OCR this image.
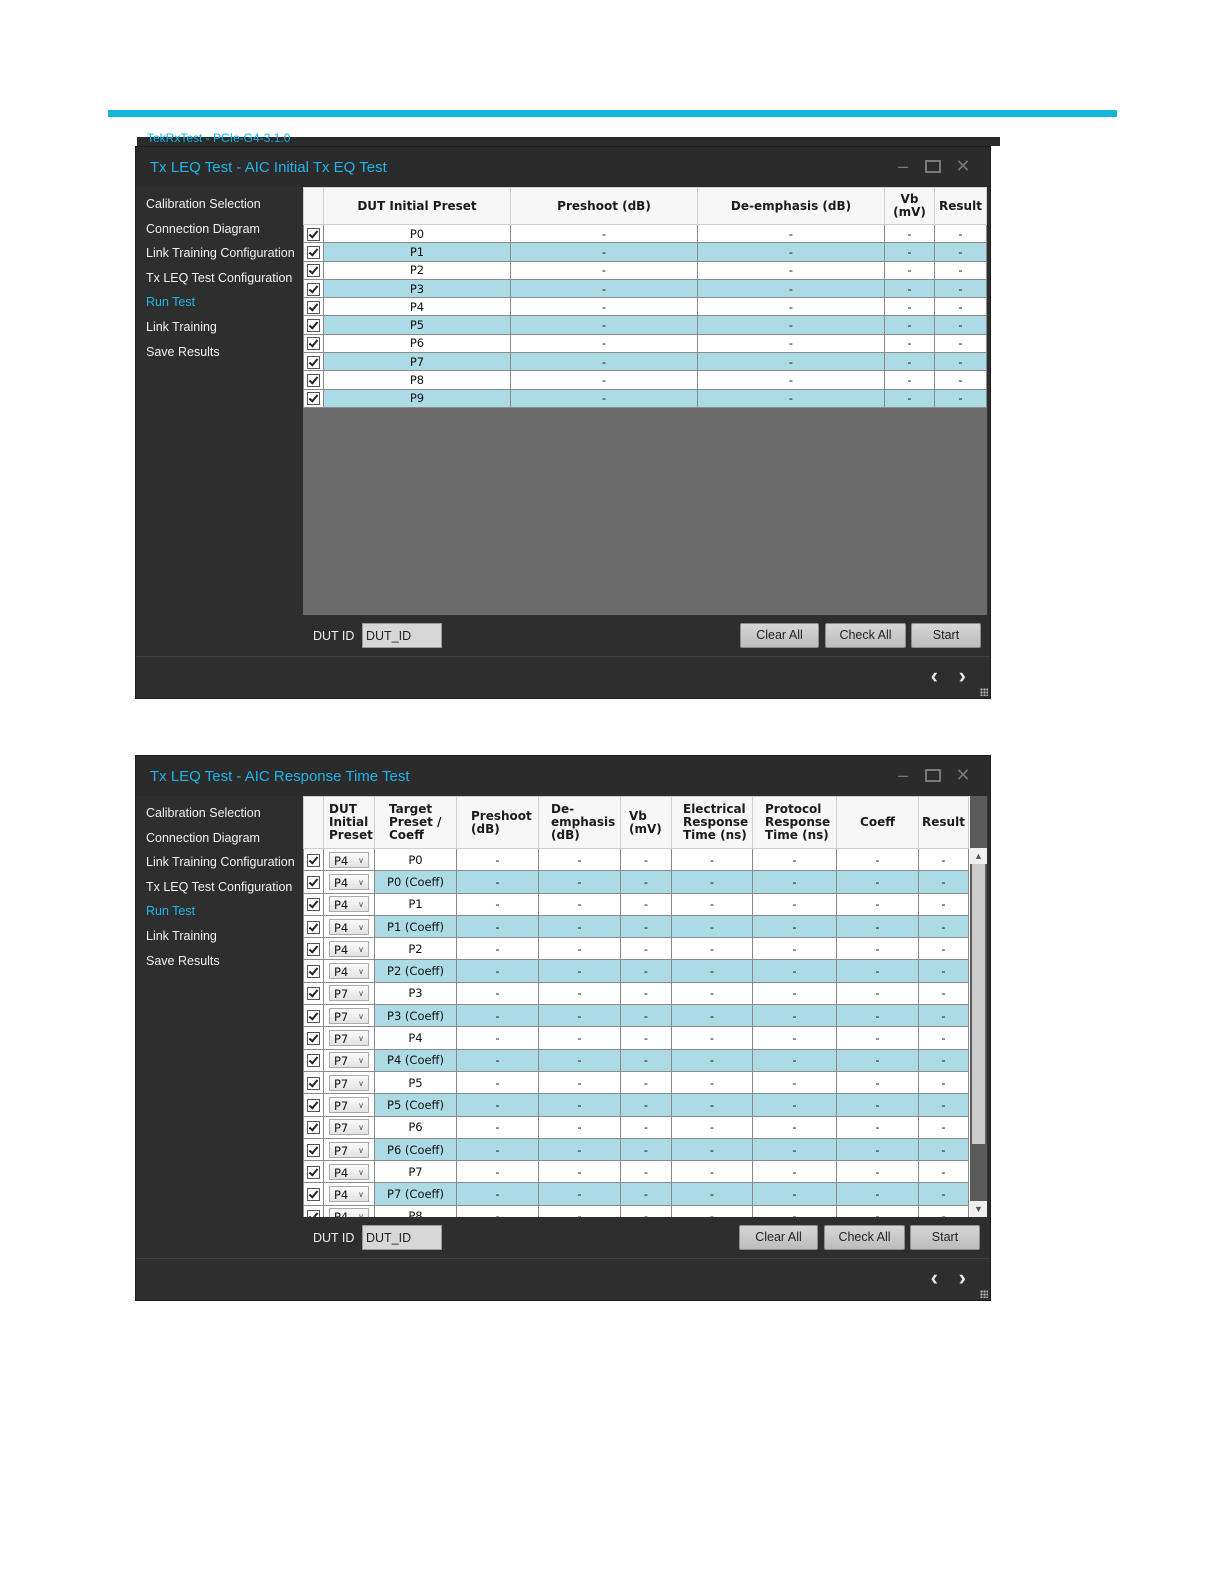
TekRxTest - PCIe-G4-3.1.0
Tx LEQ Test - AIC Initial Tx EQ Test	–	✕
Calibration Selection
Connection Diagram
Link Training Configuration
Tx LEQ Test Configuration
Run Test
Link Training
Save Results
	DUT Initial Preset	Preshoot (dB)	De-emphasis (dB)	Vb (mV)	Result
	P0	-	-	-	-
	P1	-	-	-	-
	P2	-	-	-	-
	P3	-	-	-	-
	P4	-	-	-	-
	P5	-	-	-	-
	P6	-	-	-	-
	P7	-	-	-	-
	P8	-	-	-	-
	P9	-	-	-	-
DUT ID DUT_ID	Clear All	Check All	Start
‹ ›
Tx LEQ Test - AIC Response Time Test	–	✕
Calibration Selection
Connection Diagram
Link Training Configuration
Tx LEQ Test Configuration
Run Test
Link Training
Save Results
	DUT Initial Preset	Target Preset / Coeff	Preshoot (dB)	De-emphasis (dB)	Vb (mV)	Electrical Response Time (ns)	Protocol Response Time (ns)	Coeff	Result
	P4 ∨	P0	-	-	-	-	-	-	-
	P4 ∨	P0 (Coeff)	-	-	-	-	-	-	-
	P4 ∨	P1	-	-	-	-	-	-	-
	P4 ∨	P1 (Coeff)	-	-	-	-	-	-	-
	P4 ∨	P2	-	-	-	-	-	-	-
	P4 ∨	P2 (Coeff)	-	-	-	-	-	-	-
	P7 ∨	P3	-	-	-	-	-	-	-
	P7 ∨	P3 (Coeff)	-	-	-	-	-	-	-
	P7 ∨	P4	-	-	-	-	-	-	-
	P7 ∨	P4 (Coeff)	-	-	-	-	-	-	-
	P7 ∨	P5	-	-	-	-	-	-	-
	P7 ∨	P5 (Coeff)	-	-	-	-	-	-	-
	P7 ∨	P6	-	-	-	-	-	-	-
	P7 ∨	P6 (Coeff)	-	-	-	-	-	-	-
	P4 ∨	P7	-	-	-	-	-	-	-
	P4 ∨	P7 (Coeff)	-	-	-	-	-	-	-

▲
▼
DUT ID DUT_ID	Clear All	Check All	Start
‹ ›
